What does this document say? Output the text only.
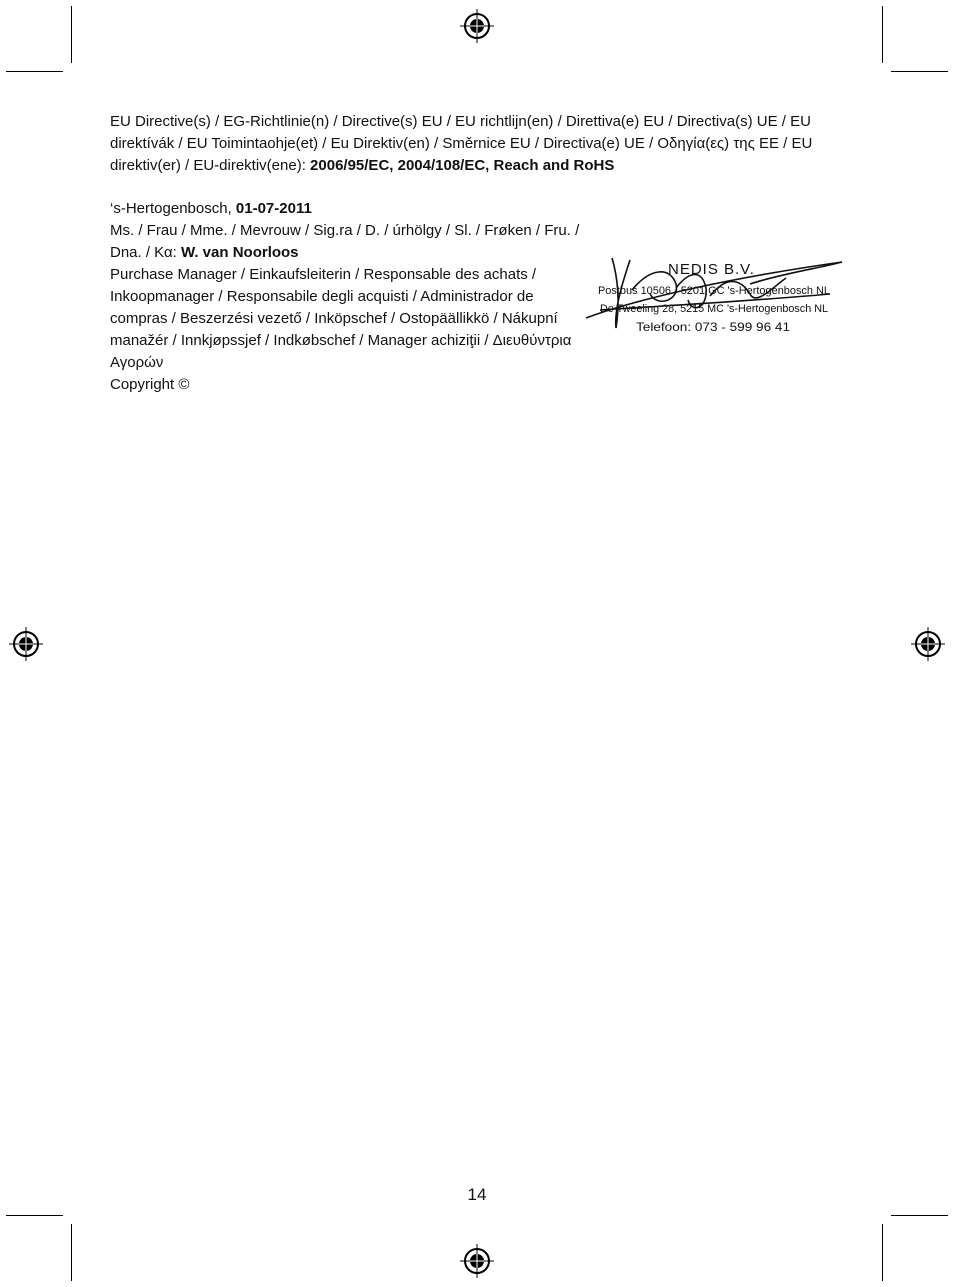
EU Directive(s) / EG-Richtlinie(n) / Directive(s) EU / EU richtlijn(en) / Direttiva(e) EU / Directiva(s) UE / EU direktívák / EU Toimintaohje(et) / Eu Direktiv(en) / Směrnice EU / Directiva(e) UE / Οδηγία(ες) της EE / EU direktiv(er) / EU-direktiv(ene): 2006/95/EC, 2004/108/EC, Reach and RoHS
‘s-Hertogenbosch, 01-07-2011
Ms. / Frau / Mme. / Mevrouw / Sig.ra / D. / úrhölgy / Sl. / Frøken / Fru. / Dna. / Κα: W. van Noorloos
Purchase Manager / Einkaufsleiterin / Responsable des achats / Inkoopmanager / Responsabile degli acquisti / Administrador de compras / Beszerzési vezető / Inköpschef / Ostopäällikkö / Nákupní manažér / Innkjøpssjef / Indkøbschef / Manager achiziţii / Διευθύντρια Αγορών
Copyright ©
NEDIS B.V.
Postbus 10506 - 5201 GC 's-Hertogenbosch NL
De Tweeling 28, 5215 MC 's-Hertogenbosch NL
Telefoon: 073 - 599 96 41
14
